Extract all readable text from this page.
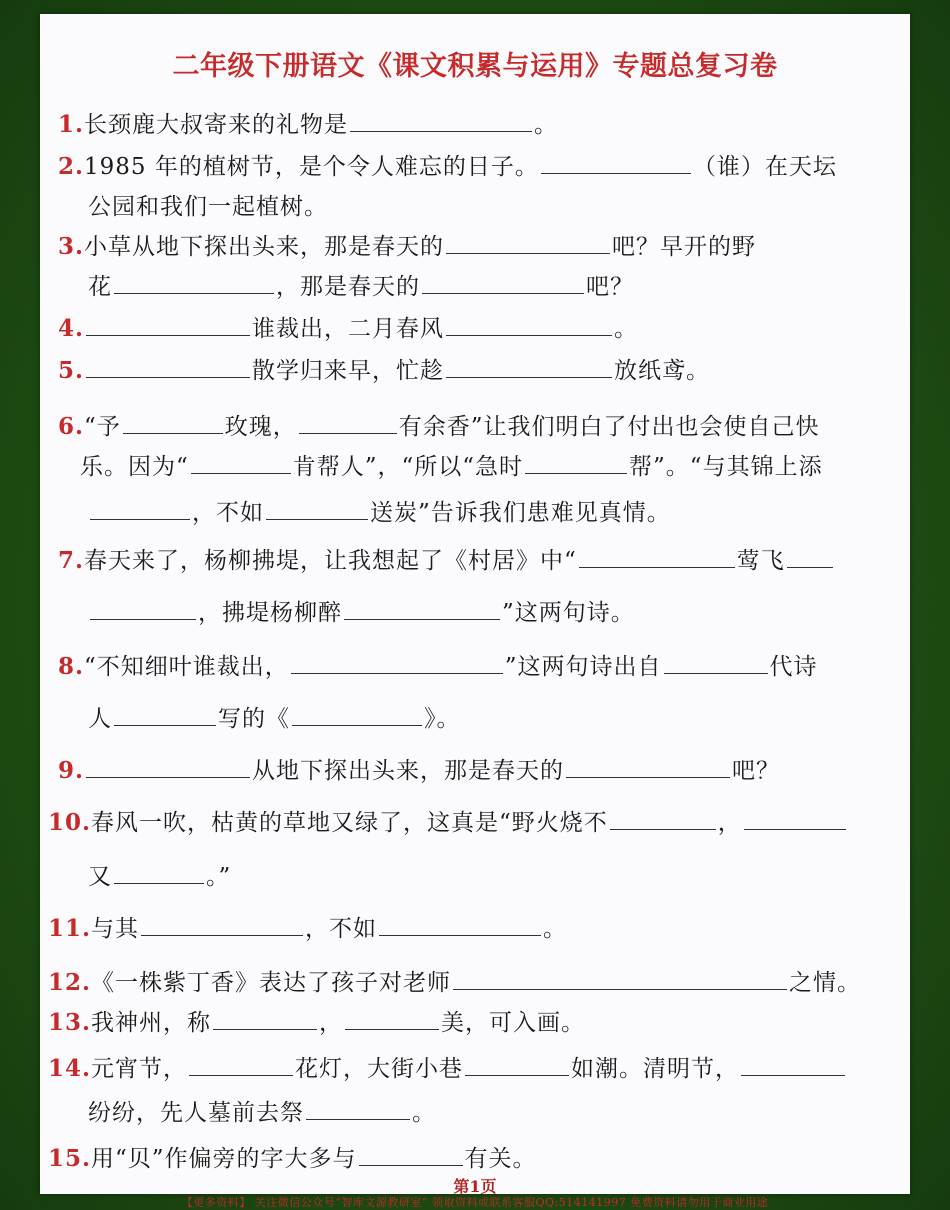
二年级下册语文《课文积累与运用》专题总复习卷
1.长颈鹿大叔寄来的礼物是	。
2.1985 年的植树节，是个令人难忘的日子。	（谁）在天坛
公园和我们一起植树。
3.小草从地下探出头来，那是春天的	吧？早开的野
花	，那是春天的	吧？
4.	谁裁出，二月春风	。
5.	散学归来早，忙趁	放纸鸢。
6.“予	玫瑰，	有余香”让我们明白了付出也会使自己快
乐。因为“	肯帮人”，“所以“急时	帮”。“与其锦上添
，不如	送炭”告诉我们患难见真情。
7.春天来了，杨柳拂堤，让我想起了《村居》中“	莺飞
，拂堤杨柳醉	”这两句诗。
8.“不知细叶谁裁出，	”这两句诗出自	代诗
人	写的《	》。
9.	从地下探出头来，那是春天的	吧？
10.春风一吹，枯黄的草地又绿了，这真是“野火烧不	，
又	。”
11.与其	，不如	。
12.《一株紫丁香》表达了孩子对老师	之情。
13.我神州，称	，	美，可入画。
14.元宵节，	花灯，大街小巷	如潮。清明节，
纷纷，先人墓前去祭	。
15.用“贝”作偏旁的字大多与	有关。
第1页
【更多资料】 关注微信公众号“智库文源教研室” 领取资料或联系客服QQ:514141997 免费资料请勿用于商业用途
